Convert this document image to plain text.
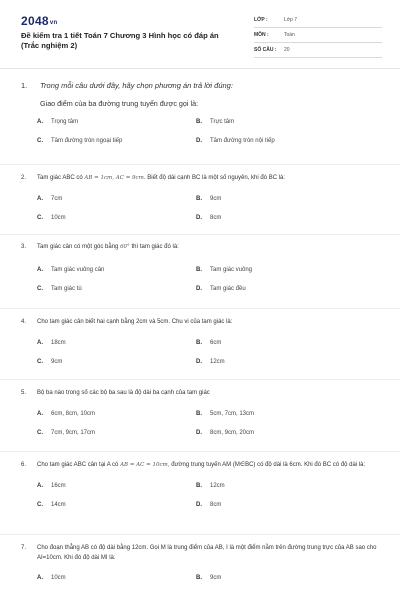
2048vn
Đề kiểm tra 1 tiết Toán 7 Chương 3 Hình học có đáp án (Trắc nghiệm 2)
LỚP :	Lớp 7
MÔN :	Toán
SỐ CÂU :	20
1.	Trong mỗi câu dưới đây, hãy chọn phương án trả lời đúng:
Giao điểm của ba đường trung tuyến được gọi là:
A.	Trọng tâm	B.	Trực tâm
C.	Tâm đường tròn ngoại tiếp	D.	Tâm đường tròn nội tiếp
2.	Tam giác ABC có AB = 1cm, AC = 9cm. Biết độ dài cạnh BC là một số nguyên, khi đó BC là:
A.	7cm	B.	9cm
C.	10cm	D.	8cm
3.	Tam giác cân có một góc bằng 60° thì tam giác đó là:
A.	Tam giác vuông cân	B.	Tam giác vuông
C.	Tam giác tù	D.	Tam giác đều
4.	Cho tam giác cân biết hai cạnh bằng 2cm và 5cm. Chu vi của tam giác là:
A.	18cm	B.	6cm
C.	9cm	D.	12cm
5.	Bộ ba nào trong số các bộ ba sau là độ dài ba cạnh của tam giác
A.	6cm, 8cm, 10cm	B.	5cm, 7cm, 13cm
C.	7cm, 9cm, 17cm	D.	8cm, 9cm, 20cm
6.	Cho tam giác ABC cân tại A có AB = AC = 10cm, đường trung tuyến AM (M∈BC) có độ dài là 6cm. Khi đó BC có độ dài là:
A.	16cm	B.	12cm
C.	14cm	D.	8cm
7.	Cho đoạn thẳng AB có độ dài bằng 12cm. Gọi M là trung điểm của AB, I là một điểm nằm trên đường trung trực của AB sao cho AI=10cm. Khi đó độ dài MI là:
A.	10cm	B.	9cm
